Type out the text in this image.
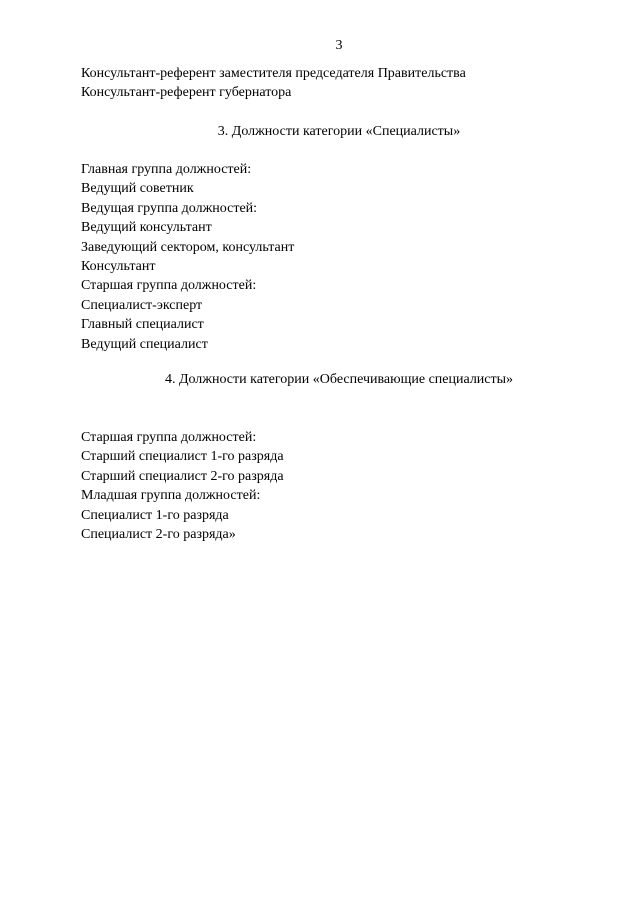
3
Консультант-референт заместителя председателя Правительства
Консультант-референт губернатора
3. Должности категории «Специалисты»
Главная группа должностей:
Ведущий советник
Ведущая группа должностей:
Ведущий консультант
Заведующий сектором, консультант
Консультант
Старшая группа должностей:
Специалист-эксперт
Главный специалист
Ведущий специалист
4. Должности категории «Обеспечивающие специалисты»
Старшая группа должностей:
Старший специалист 1-го разряда
Старший специалист 2-го разряда
Младшая группа должностей:
Специалист 1-го разряда
Специалист 2-го разряда»
